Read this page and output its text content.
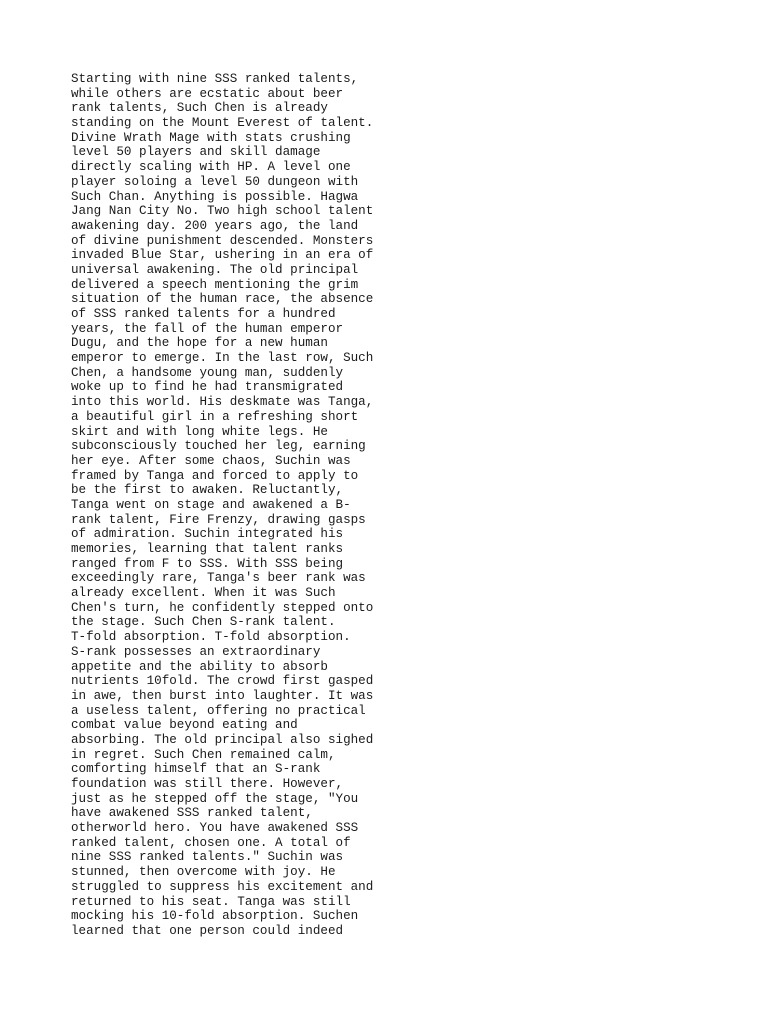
Starting with nine SSS ranked talents,
while others are ecstatic about beer
rank talents, Such Chen is already
standing on the Mount Everest of talent.
Divine Wrath Mage with stats crushing
level 50 players and skill damage
directly scaling with HP. A level one
player soloing a level 50 dungeon with
Such Chan. Anything is possible. Hagwa
Jang Nan City No. Two high school talent
awakening day. 200 years ago, the land
of divine punishment descended. Monsters
invaded Blue Star, ushering in an era of
universal awakening. The old principal
delivered a speech mentioning the grim
situation of the human race, the absence
of SSS ranked talents for a hundred
years, the fall of the human emperor
Dugu, and the hope for a new human
emperor to emerge. In the last row, Such
Chen, a handsome young man, suddenly
woke up to find he had transmigrated
into this world. His deskmate was Tanga,
a beautiful girl in a refreshing short
skirt and with long white legs. He
subconsciously touched her leg, earning
her eye. After some chaos, Suchin was
framed by Tanga and forced to apply to
be the first to awaken. Reluctantly,
Tanga went on stage and awakened a B-
rank talent, Fire Frenzy, drawing gasps
of admiration. Suchin integrated his
memories, learning that talent ranks
ranged from F to SSS. With SSS being
exceedingly rare, Tanga's beer rank was
already excellent. When it was Such
Chen's turn, he confidently stepped onto
the stage. Such Chen S-rank talent.
T-fold absorption. T-fold absorption.
S-rank possesses an extraordinary
appetite and the ability to absorb
nutrients 10fold. The crowd first gasped
in awe, then burst into laughter. It was
a useless talent, offering no practical
combat value beyond eating and
absorbing. The old principal also sighed
in regret. Such Chen remained calm,
comforting himself that an S-rank
foundation was still there. However,
just as he stepped off the stage, "You
have awakened SSS ranked talent,
otherworld hero. You have awakened SSS
ranked talent, chosen one. A total of
nine SSS ranked talents." Suchin was
stunned, then overcome with joy. He
struggled to suppress his excitement and
returned to his seat. Tanga was still
mocking his 10-fold absorption. Suchen
learned that one person could indeed
